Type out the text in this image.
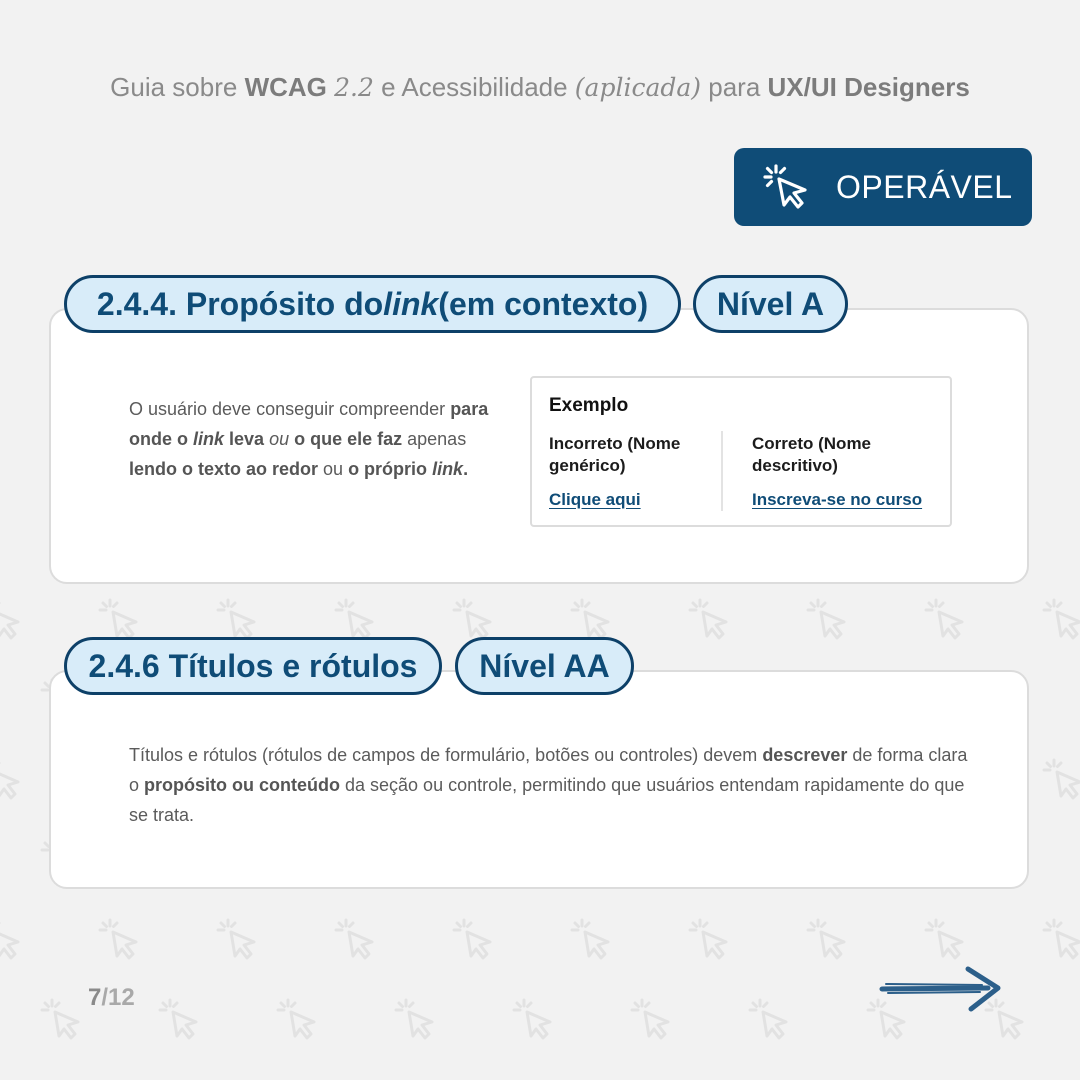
Guia sobre WCAG 2.2 e Acessibilidade (aplicada) para UX/UI Designers
OPERÁVEL
2.4.4. Propósito do link (em contexto)	Nível A
O usuário deve conseguir compreender para onde o link leva ou o que ele faz apenas lendo o texto ao redor ou o próprio link.
Exemplo
Incorreto (Nome genérico)
Clique aqui
Correto (Nome descritivo)
Inscreva-se no curso
2.4.6 Títulos e rótulos	Nível AA
Títulos e rótulos (rótulos de campos de formulário, botões ou controles) devem descrever de forma clara o propósito ou conteúdo da seção ou controle, permitindo que usuários entendam rapidamente do que se trata.
7/12
